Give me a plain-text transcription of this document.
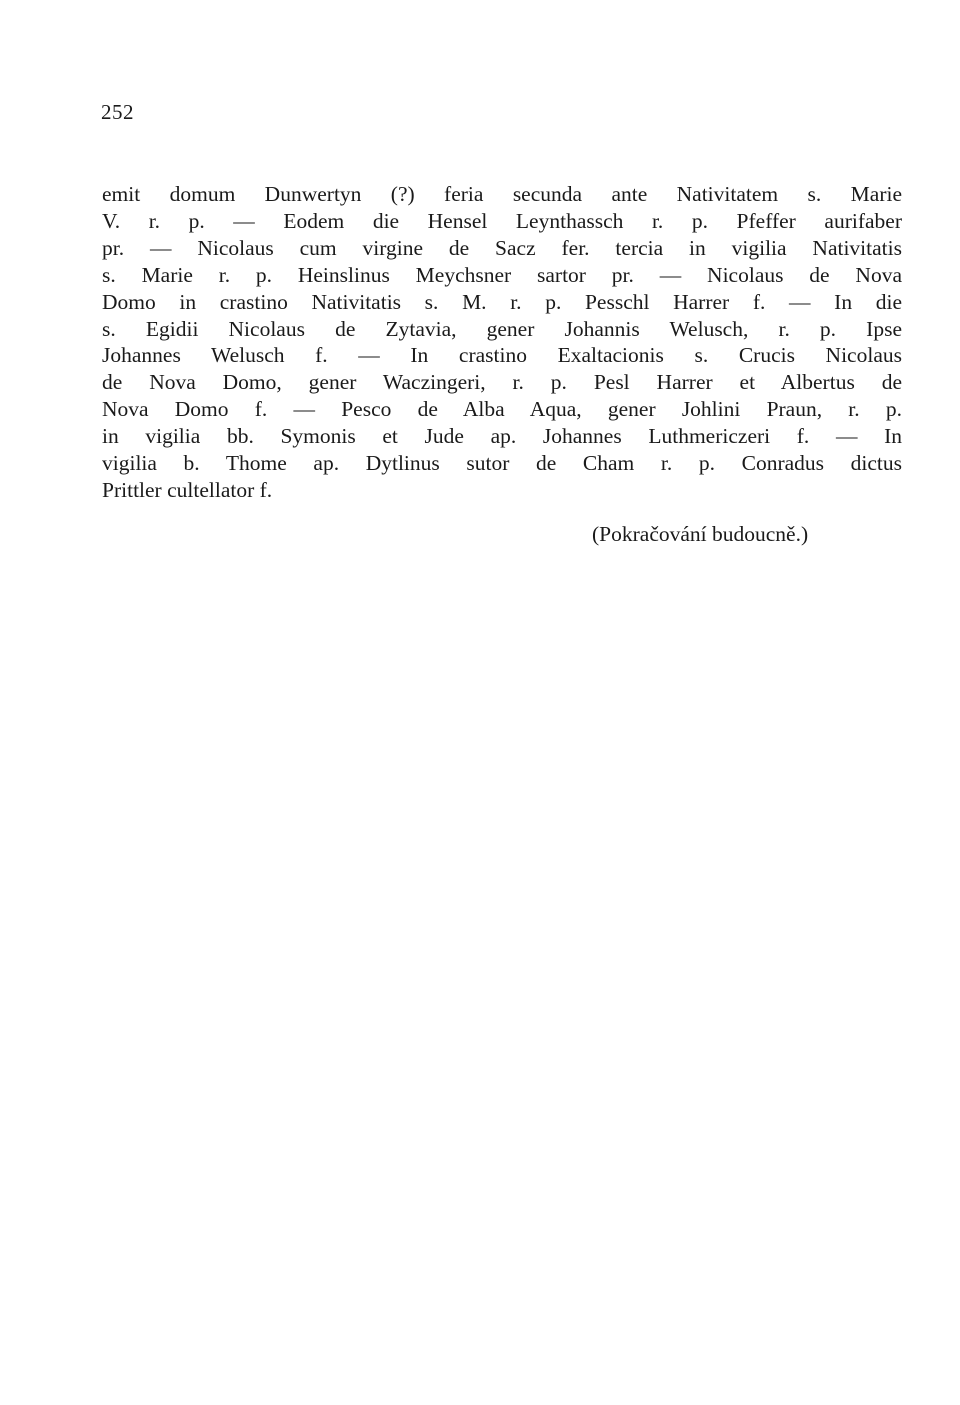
252
emit domum Dunwertyn (?) feria secunda ante Nativitatem s. Marie
V. r. p. — Eodem die Hensel Leynthassch r. p. Pfeffer aurifaber
pr. — Nicolaus cum virgine de Sacz fer. tercia in vigilia Nativitatis
s. Marie r. p. Heinslinus Meychsner sartor pr. — Nicolaus de Nova
Domo in crastino Nativitatis s. M. r. p. Pesschl Harrer f. — In die
s. Egidii Nicolaus de Zytavia, gener Johannis Welusch, r. p. Ipse
Johannes Welusch f. — In crastino Exaltacionis s. Crucis Nicolaus
de Nova Domo, gener Waczingeri, r. p. Pesl Harrer et Albertus de
Nova Domo f. — Pesco de Alba Aqua, gener Johlini Praun, r. p.
in vigilia bb. Symonis et Jude ap. Johannes Luthmericzeri f. — In
vigilia b. Thome ap. Dytlinus sutor de Cham r. p. Conradus dictus
Prittler cultellator f.
(Pokračování budoucně.)
